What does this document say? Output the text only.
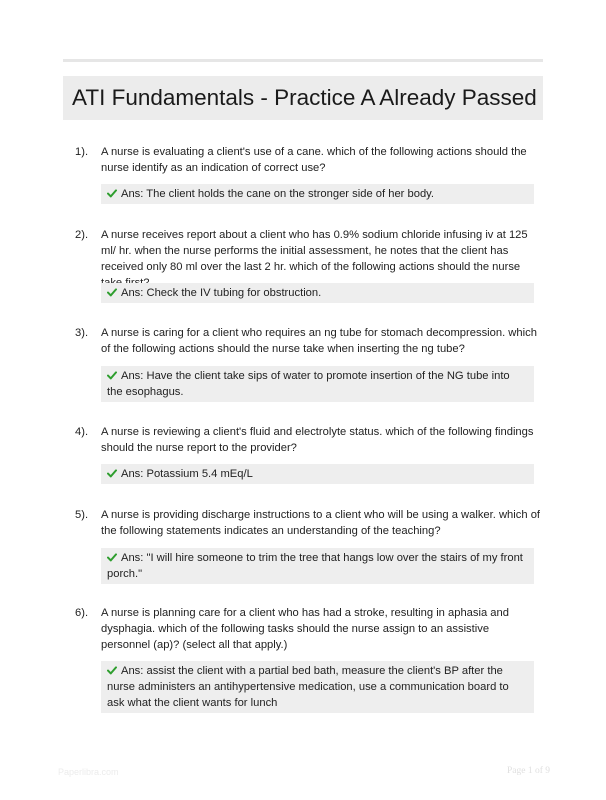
ATI Fundamentals - Practice A Already Passed
1). A nurse is evaluating a client's use of a cane. which of the following actions should the nurse identify as an indication of correct use?
Ans: The client holds the cane on the stronger side of her body.
2). A nurse receives report about a client who has 0.9% sodium chloride infusing iv at 125 ml/ hr. when the nurse performs the initial assessment, he notes that the client has received only 80 ml over the last 2 hr. which of the following actions should the nurse
Ans: Check the IV tubing for obstruction.
3). A nurse is caring for a client who requires an ng tube for stomach decompression. which of the following actions should the nurse take when inserting the ng tube?
Ans: Have the client take sips of water to promote insertion of the NG tube into the esophagus.
4). A nurse is reviewing a client's fluid and electrolyte status. which of the following findings should the nurse report to the provider?
Ans: Potassium 5.4 mEq/L
5). A nurse is providing discharge instructions to a client who will be using a walker. which of the following statements indicates an understanding of the teaching?
Ans: "I will hire someone to trim the tree that hangs low over the stairs of my front porch."
6). A nurse is planning care for a client who has had a stroke, resulting in aphasia and dysphagia. which of the following tasks should the nurse assign to an assistive personnel (ap)? (select all that apply.)
Ans: assist the client with a partial bed bath, measure the client's BP after the nurse administers an antihypertensive medication, use a communication board to ask what the client wants for lunch
Paperlibra.com	Page 1 of 9
